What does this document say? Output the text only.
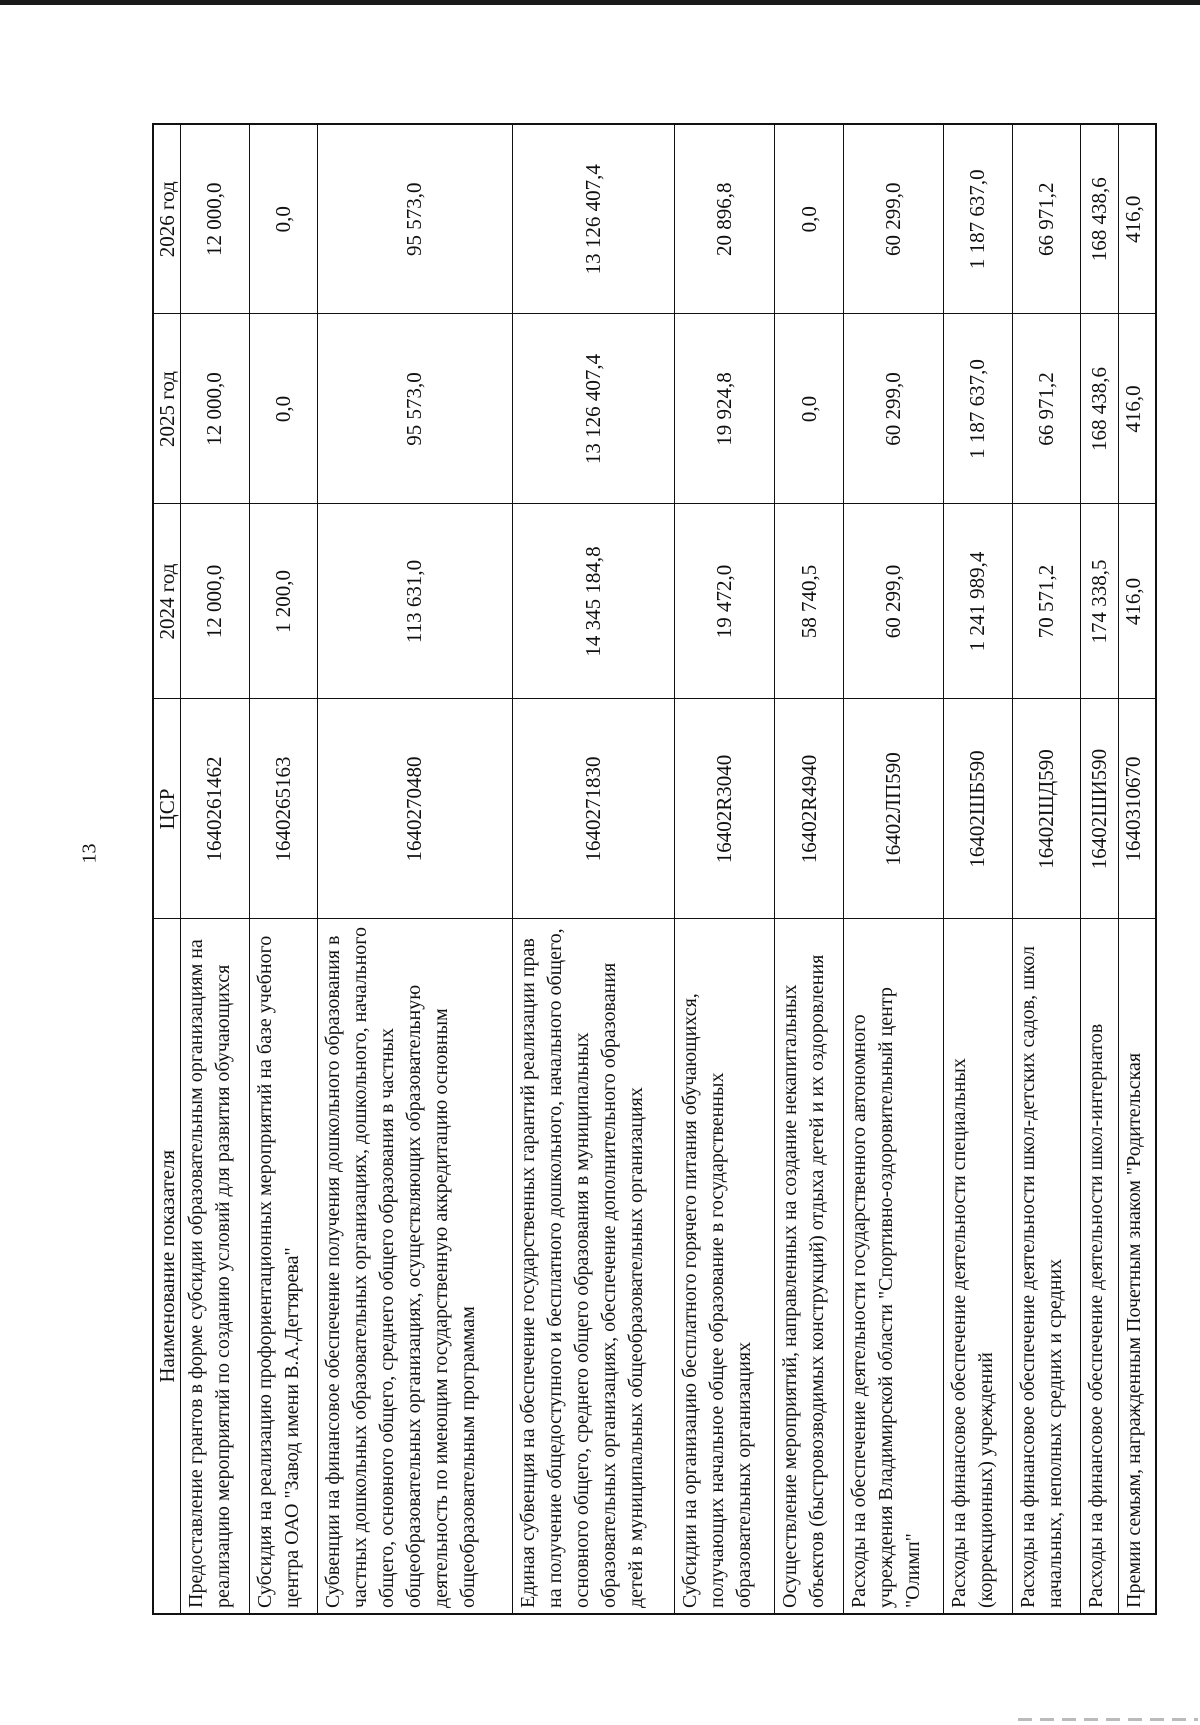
13
Наименование показателя	ЦСР	2024 год	2025 год	2026 год
Предоставление грантов в форме субсидии образовательным организациям на реализацию мероприятий по созданию условий для развития обучающихся	1640261462	12 000,0	12 000,0	12 000,0
Субсидия на реализацию профориентационных мероприятий на базе учебного центра ОАО "Завод имени В.А.Дегтярева"	1640265163	1 200,0	0,0	0,0
Субвенции на финансовое обеспечение получения дошкольного образования в частных дошкольных образовательных организациях, дошкольного, начального общего, основного общего, среднего общего образования в частных общеобразовательных организациях, осуществляющих образовательную деятельность по имеющим государственную аккредитацию основным общеобразовательным программам	1640270480	113 631,0	95 573,0	95 573,0
Единая субвенция на обеспечение государственных гарантий реализации прав на получение общедоступного и бесплатного дошкольного, начального общего, основного общего, среднего общего образования в муниципальных образовательных организациях, обеспечение дополнительного образования детей в муниципальных общеобразовательных организациях	1640271830	14 345 184,8	13 126 407,4	13 126 407,4
Субсидии на организацию бесплатного горячего питания обучающихся, получающих начальное общее образование в государственных образовательных организациях	16402R3040	19 472,0	19 924,8	20 896,8
Осуществление мероприятий, направленных на создание некапитальных объектов (быстровозводимых конструкций) отдыха детей и их оздоровления	16402R4940	58 740,5	0,0	0,0
Расходы на обеспечение деятельности государственного автономного учреждения Владимирской области "Спортивно-оздоровительный центр "Олимп"	16402ЛП590	60 299,0	60 299,0	60 299,0
Расходы на финансовое обеспечение деятельности специальных (коррекционных) учреждений	16402ШБ590	1 241 989,4	1 187 637,0	1 187 637,0
Расходы на финансовое обеспечение деятельности школ-детских садов, школ начальных, неполных средних и средних	16402ШД590	70 571,2	66 971,2	66 971,2
Расходы на финансовое обеспечение деятельности школ-интернатов	16402ШИ590	174 338,5	168 438,6	168 438,6
Премии семьям, награжденным Почетным знаком "Родительская	1640310670	416,0	416,0	416,0
